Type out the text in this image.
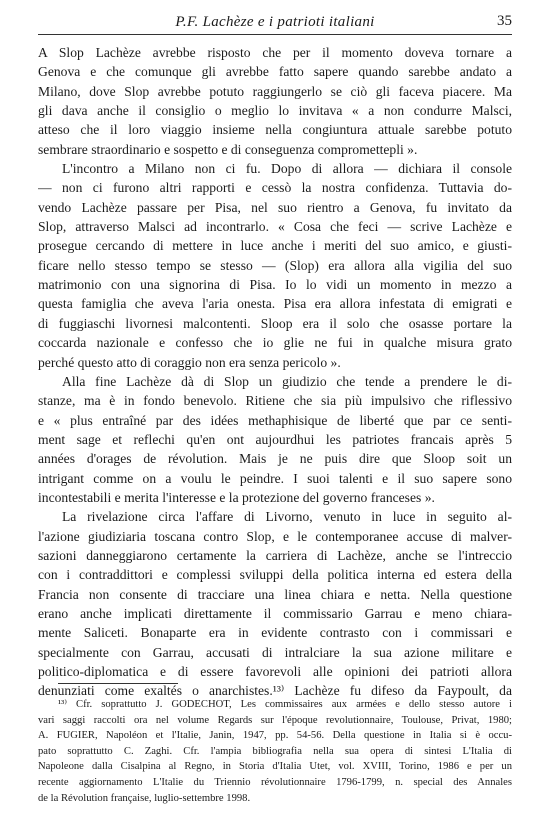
P.F. Lachèze e i patrioti italiani	35
A Slop Lachèze avrebbe risposto che per il momento doveva tornare a
Genova e che comunque gli avrebbe fatto sapere quando sarebbe andato a
Milano, dove Slop avrebbe potuto raggiungerlo se ciò gli faceva piacere. Ma
gli dava anche il consiglio o meglio lo invitava « a non condurre Malsci,
atteso che il loro viaggio insieme nella congiuntura attuale sarebbe potuto
sembrare straordinario e sospetto e di conseguenza compromettерli ».
L'incontro a Milano non ci fu. Dopo di allora — dichiara il console
— non ci furono altri rapporti e cessò la nostra confidenza. Tuttavia do-
vendo Lachèze passare per Pisa, nel suo rientro a Genova, fu invitato da
Slop, attraverso Malsci ad incontrarlo. « Cosa che feci — scrive Lachèze e
prosegue cercando di mettere in luce anche i meriti del suo amico, e giusti-
ficare nello stesso tempo se stesso — (Slop) era allora alla vigilia del suo
matrimonio con una signorina di Pisa. Io lo vidi un momento in mezzo a
questa famiglia che aveva l'aria onesta. Pisa era allora infestata di emigrati e
di fuggiaschi livornesi malcontenti. Sloop era il solo che osasse portare la
coccarda nazionale e confesso che io glie ne fui in qualche misura grato
perché questo atto di coraggio non era senza pericolo ».
Alla fine Lachèze dà di Slop un giudizio che tende a prendere le di-
stanze, ma è in fondo benevolo. Ritiene che sia più impulsivo che riflessivo
e « plus entraîné par des idées methaphisique de liberté que par ce senti-
ment sage et reflechi qu'en ont aujourdhui les patriotes francais après 5
années d'orages de révolution. Mais je ne puis dire que Sloop soit un
intrigant comme on a voulu le peindre. I suoi talenti e il suo sapere sono
incontestabili e merita l'interesse e la protezione del governo franceses ».
La rivelazione circa l'affare di Livorno, venuto in luce in seguito al-
l'azione giudiziaria toscana contro Slop, e le contemporanee accuse di malver-
sazioni danneggiarono certamente la carriera di Lachèze, anche se l'intreccio
con i contraddittori e complessi sviluppi della politica interna ed estera della
Francia non consente di tracciare una linea chiara e netta. Nella questione
erano anche implicati direttamente il commissario Garrau e meno chiara-
mente Saliceti. Bonaparte era in evidente contrasto con i commissari e
specialmente con Garrau, accusati di intralciare la sua azione militare e
politico-diplomatica e di essere favorevoli alle opinioni dei patrioti allora
denunziati come exaltés o anarchistes.¹³⁾ Lachèze fu difeso da Faypoult, da
¹³⁾ Cfr. soprattutto J. GODECHOT, Les commissaires aux armées e dello stesso autore i
vari saggi raccolti ora nel volume Regards sur l'époque revolutionnaire, Toulouse, Privat, 1980;
A. FUGIER, Napoléon et l'Italie, Janin, 1947, pp. 54-56. Della questione in Italia si è occu-
pato soprattutto C. Zaghi. Cfr. l'ampia bibliografia nella sua opera di sintesi L'Italia di
Napoleone dalla Cisalpina al Regno, in Storia d'Italia Utet, vol. XVIII, Torino, 1986 e per un
recente aggiornamento L'Italie du Triennio révolutionnaire 1796-1799, n. special des Annales
de la Révolution française, luglio-settembre 1998.
